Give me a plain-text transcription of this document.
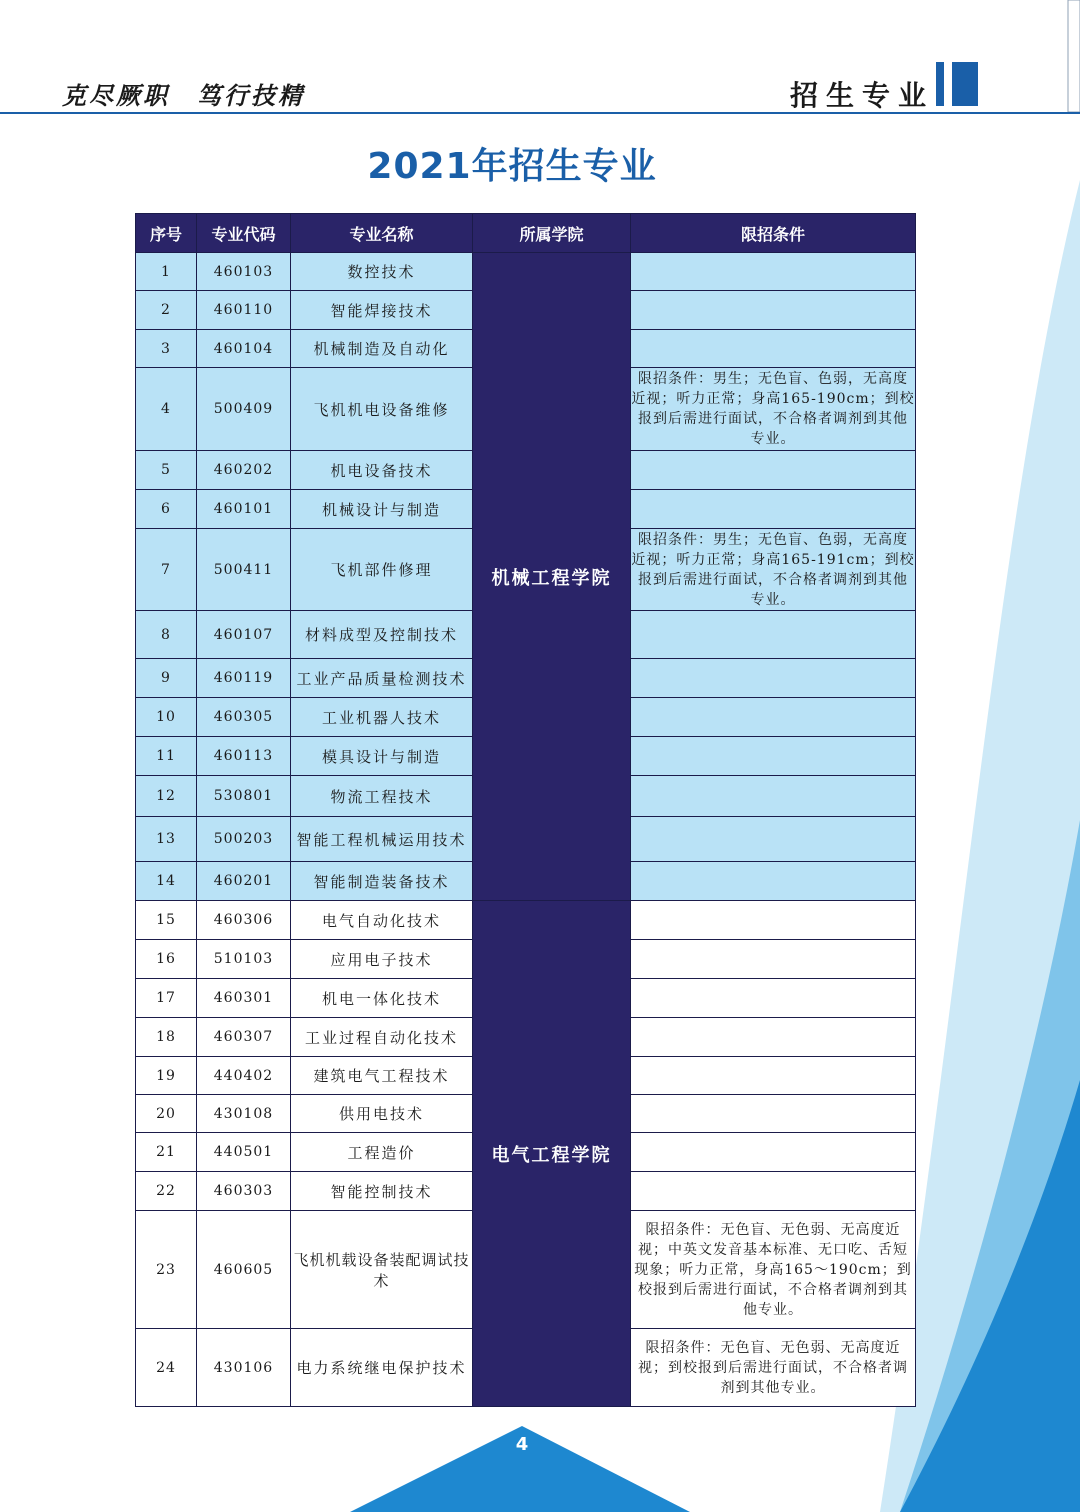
克尽厥职　笃行技精	招生专业
2021年招生专业
序号	专业代码	专业名称	所属学院	限招条件
1	460103	数控技术	机械工程学院	
2	460110	智能焊接技术		
3	460104	机械制造及自动化		
4	500409	飞机机电设备维修		限招条件：男生；无色盲、色弱，无高度近视；听力正常；身高165-190cm；到校报到后需进行面试，不合格者调剂到其他专业。
5	460202	机电设备技术		
6	460101	机械设计与制造		
7	500411	飞机部件修理		限招条件：男生；无色盲、色弱，无高度近视；听力正常；身高165-191cm；到校报到后需进行面试，不合格者调剂到其他专业。
8	460107	材料成型及控制技术		
9	460119	工业产品质量检测技术		
10	460305	工业机器人技术		
11	460113	模具设计与制造		
12	530801	物流工程技术		
13	500203	智能工程机械运用技术		
14	460201	智能制造装备技术		
15	460306	电气自动化技术	电气工程学院	
16	510103	应用电子技术		
17	460301	机电一体化技术		
18	460307	工业过程自动化技术		
19	440402	建筑电气工程技术		
20	430108	供用电技术		
21	440501	工程造价		
22	460303	智能控制技术		
23	460605	飞机机载设备装配调试技术		限招条件：无色盲、无色弱、无高度近视；中英文发音基本标准、无口吃、舌短现象；听力正常，身高165～190cm；到校报到后需进行面试，不合格者调剂到其他专业。
24	430106	电力系统继电保护技术		限招条件：无色盲、无色弱、无高度近视；到校报到后需进行面试，不合格者调剂到其他专业。
4
